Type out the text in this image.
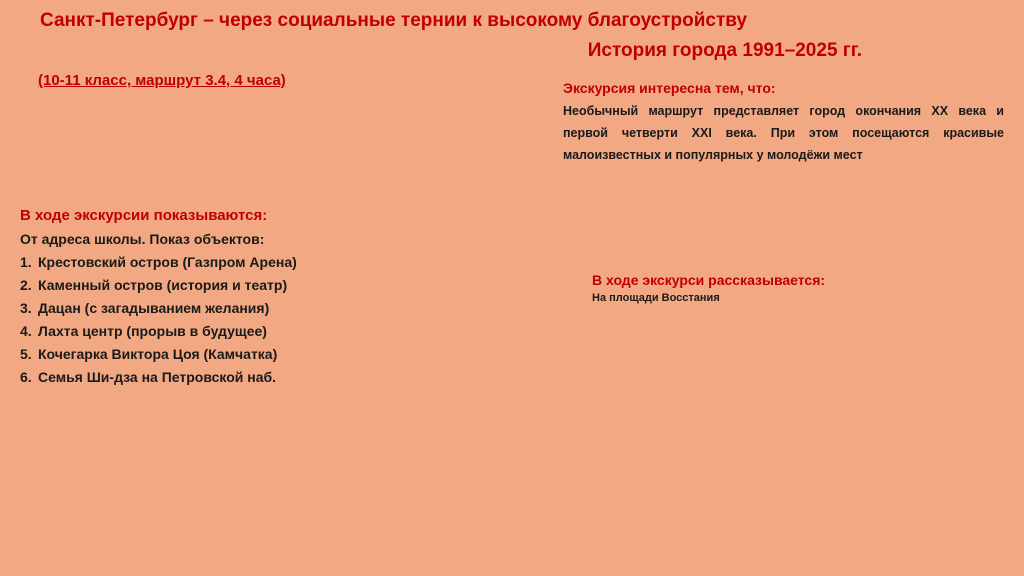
Санкт-Петербург – через социальные тернии к высокому благоустройству
История города 1991–2025 гг.
(10-11 класс, маршрут 3.4, 4 часа)	Экскурсия интересна тем, что:
Необычный маршрут представляет город окончания XX века и первой четверти XXI века. При этом посещаются красивые малоизвестных и популярных у молодёжи мест
В ходе экскурсии показываются:
От адреса школы. Показ объектов:
1. Крестовский остров (Газпром Арена)
2. Каменный остров (история и театр)
3. Дацан (с загадыванием желания)
4. Лахта центр (прорыв в будущее)
5. Кочегарка Виктора Цоя (Камчатка)
6. Семья Ши-дза на Петровской наб.
В ходе экскурси рассказывается:
На площади Восстания
